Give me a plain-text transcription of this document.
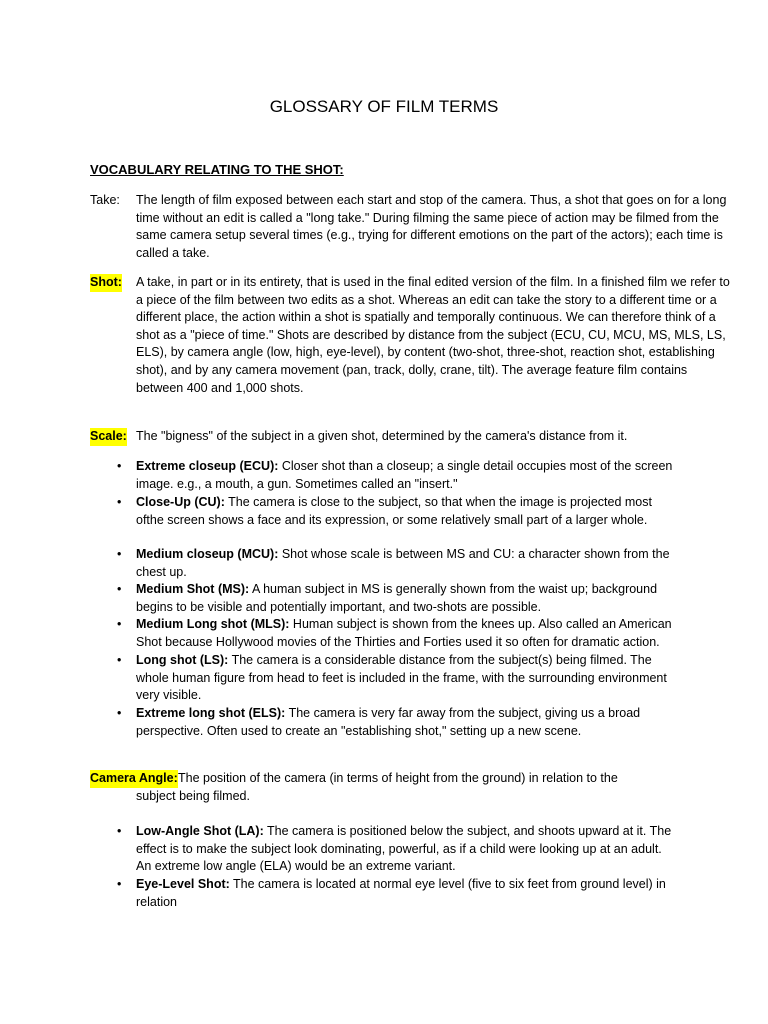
GLOSSARY OF FILM TERMS
VOCABULARY RELATING TO THE SHOT:
Take: The length of film exposed between each start and stop of the camera. Thus, a shot that goes on for a long time without an edit is called a "long take." During filming the same piece of action may be filmed from the same camera setup several times (e.g., trying for different emotions on the part of the actors); each time is called a take.
Shot: A take, in part or in its entirety, that is used in the final edited version of the film. In a finished film we refer to a piece of the film between two edits as a shot. Whereas an edit can take the story to a different time or a different place, the action within a shot is spatially and temporally continuous. We can therefore think of a shot as a "piece of time." Shots are described by distance from the subject (ECU, CU, MCU, MS, MLS, LS, ELS), by camera angle (low, high, eye-level), by content (two-shot, three-shot, reaction shot, establishing shot), and by any camera movement (pan, track, dolly, crane, tilt). The average feature film contains between 400 and 1,000 shots.
Scale: The "bigness" of the subject in a given shot, determined by the camera's distance from it.
• Extreme closeup (ECU): Closer shot than a closeup; a single detail occupies most of the screen image. e.g., a mouth, a gun. Sometimes called an "insert."
• Close-Up (CU): The camera is close to the subject, so that when the image is projected most ofthe screen shows a face and its expression, or some relatively small part of a larger whole.
• Medium closeup (MCU): Shot whose scale is between MS and CU: a character shown from the chest up.
• Medium Shot (MS): A human subject in MS is generally shown from the waist up; background begins to be visible and potentially important, and two-shots are possible.
• Medium Long shot (MLS): Human subject is shown from the knees up. Also called an American Shot because Hollywood movies of the Thirties and Forties used it so often for dramatic action.
• Long shot (LS): The camera is a considerable distance from the subject(s) being filmed. The whole human figure from head to feet is included in the frame, with the surrounding environment very visible.
• Extreme long shot (ELS): The camera is very far away from the subject, giving us a broad perspective. Often used to create an "establishing shot," setting up a new scene.
Camera Angle: The position of the camera (in terms of height from the ground) in relation to the
subject being filmed.
• Low-Angle Shot (LA): The camera is positioned below the subject, and shoots upward at it. The effect is to make the subject look dominating, powerful, as if a child were looking up at an adult. An extreme low angle (ELA) would be an extreme variant.
• Eye-Level Shot: The camera is located at normal eye level (five to six feet from ground level) in relation
